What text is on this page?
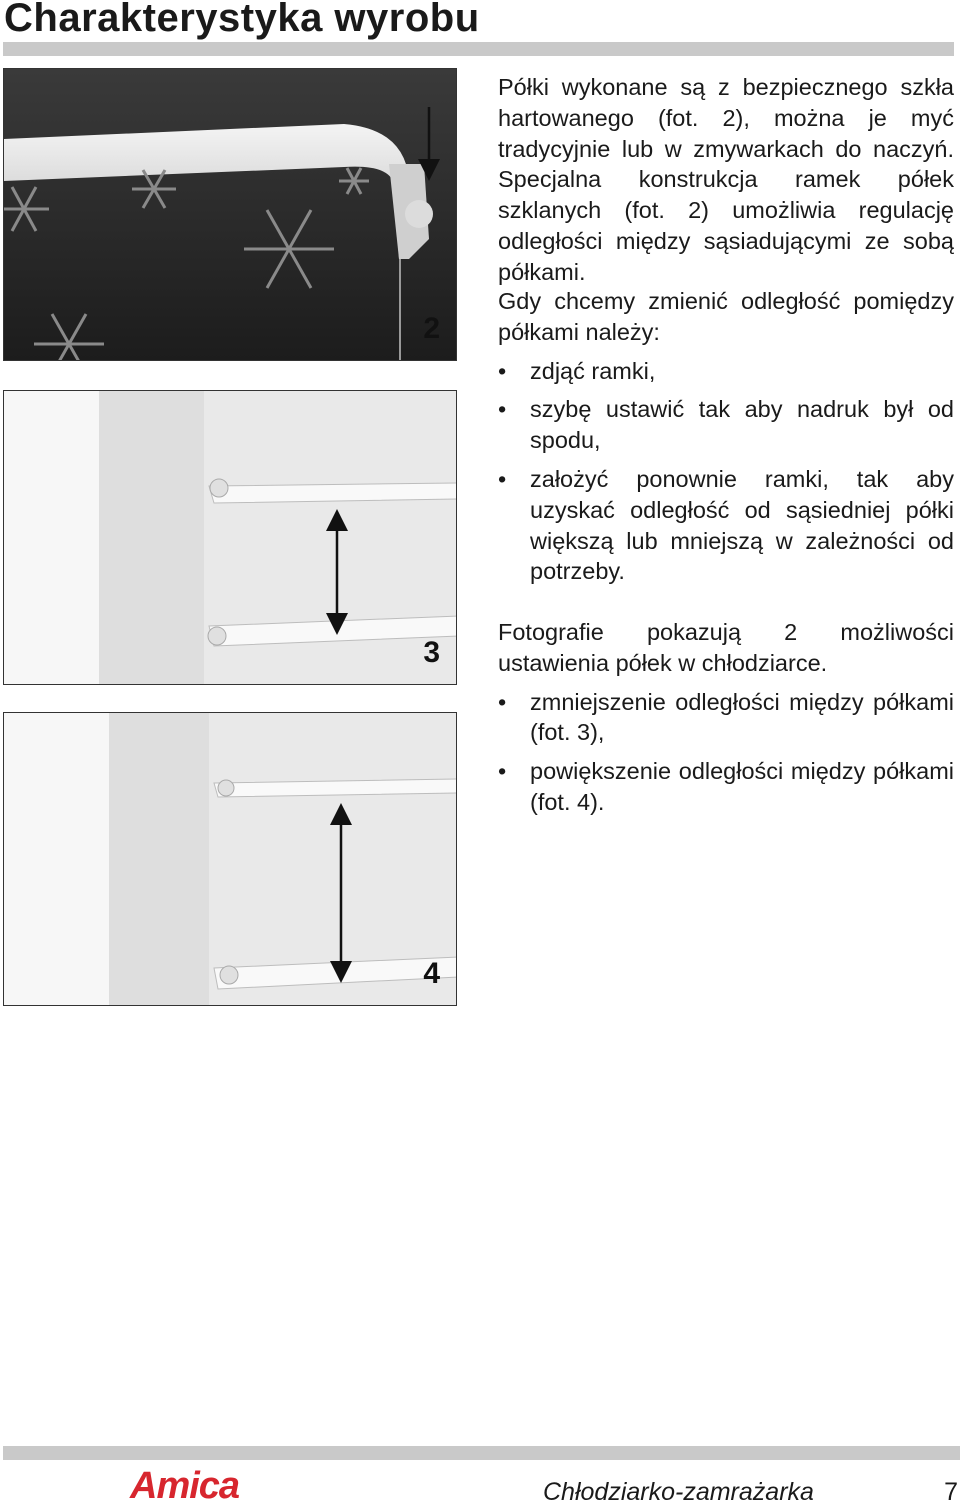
Charakterystyka wyrobu
2
3
4

Półki wykonane są z bezpiecznego szkła hartowanego (fot. 2), można je myć tradycyjnie lub w zmywarkach do naczyń. Specjalna konstrukcja ramek półek szklanych (fot. 2) umożliwia regulację odległości między sąsiadującymi ze sobą półkami.

Gdy chcemy zmienić odległość pomiędzy półkami należy:

• zdjąć ramki,
• szybę ustawić tak aby nadruk był od spodu,
• założyć ponownie ramki, tak aby uzyskać odległość od sąsiedniej półki większą lub mniejszą w zależności od potrzeby.

Fotografie pokazują 2 możliwości ustawienia półek w chłodziarce.

• zmniejszenie odległości między półkami (fot. 3),
• powiększenie odległości między półkami (fot. 4).
Amica	Chłodziarko-zamrażarka	7
